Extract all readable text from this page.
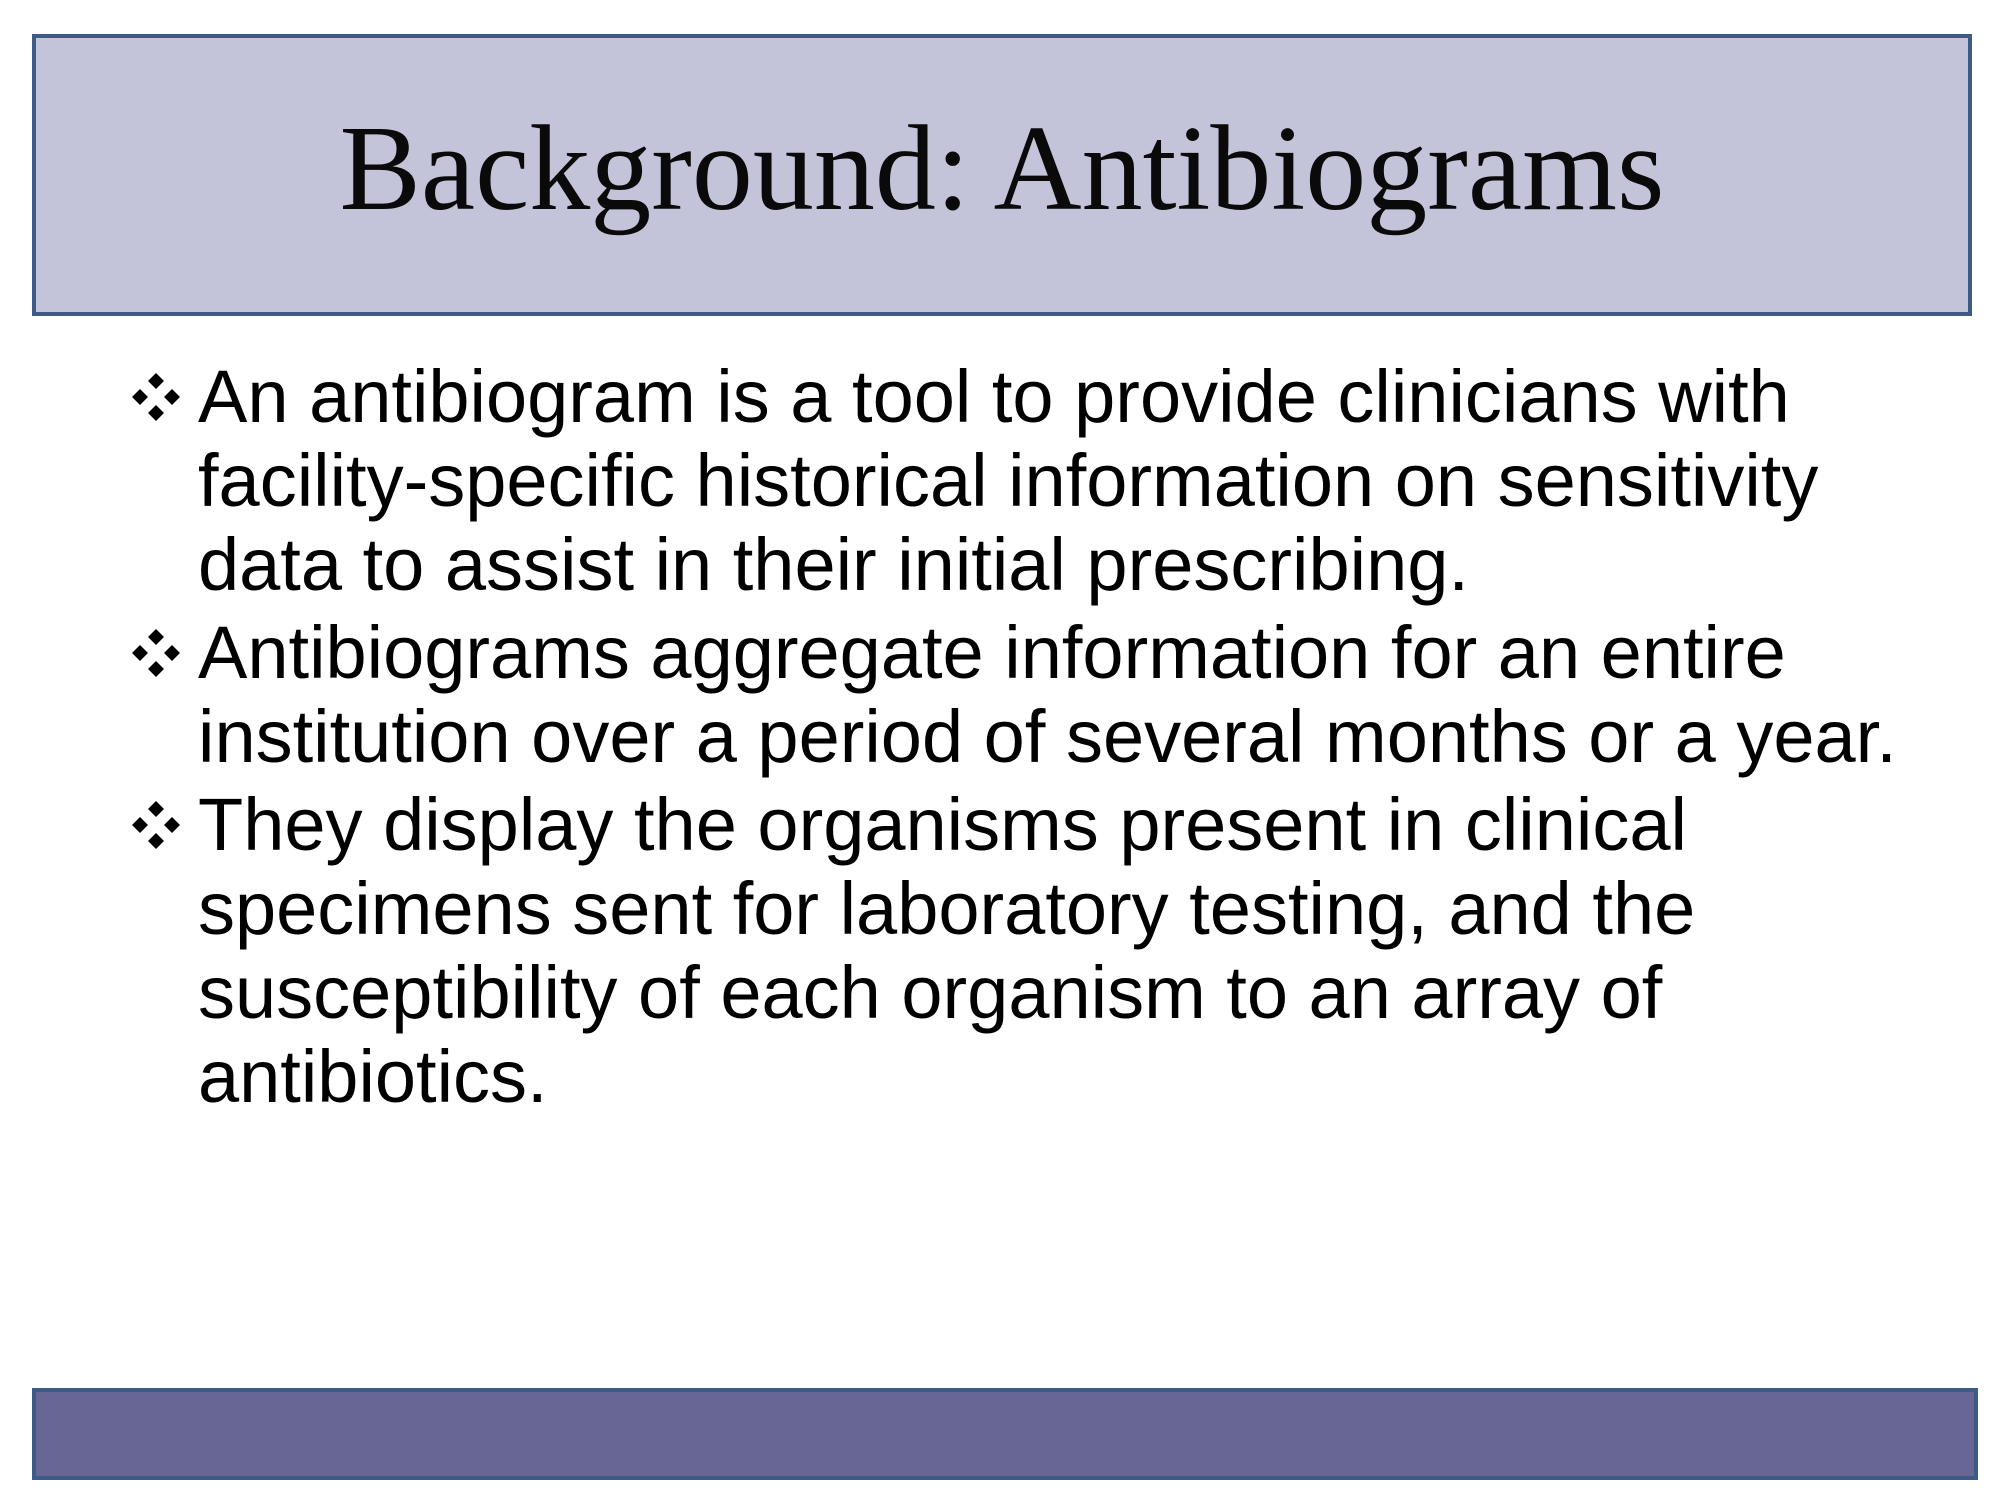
Background: Antibiograms
An antibiogram is a tool to provide clinicians with facility-specific historical information on sensitivity data to assist in their initial prescribing.
Antibiograms aggregate information for an entire institution over a period of several months or a year.
They display the organisms present in clinical specimens sent for laboratory testing, and the susceptibility of each organism to an array of antibiotics.
